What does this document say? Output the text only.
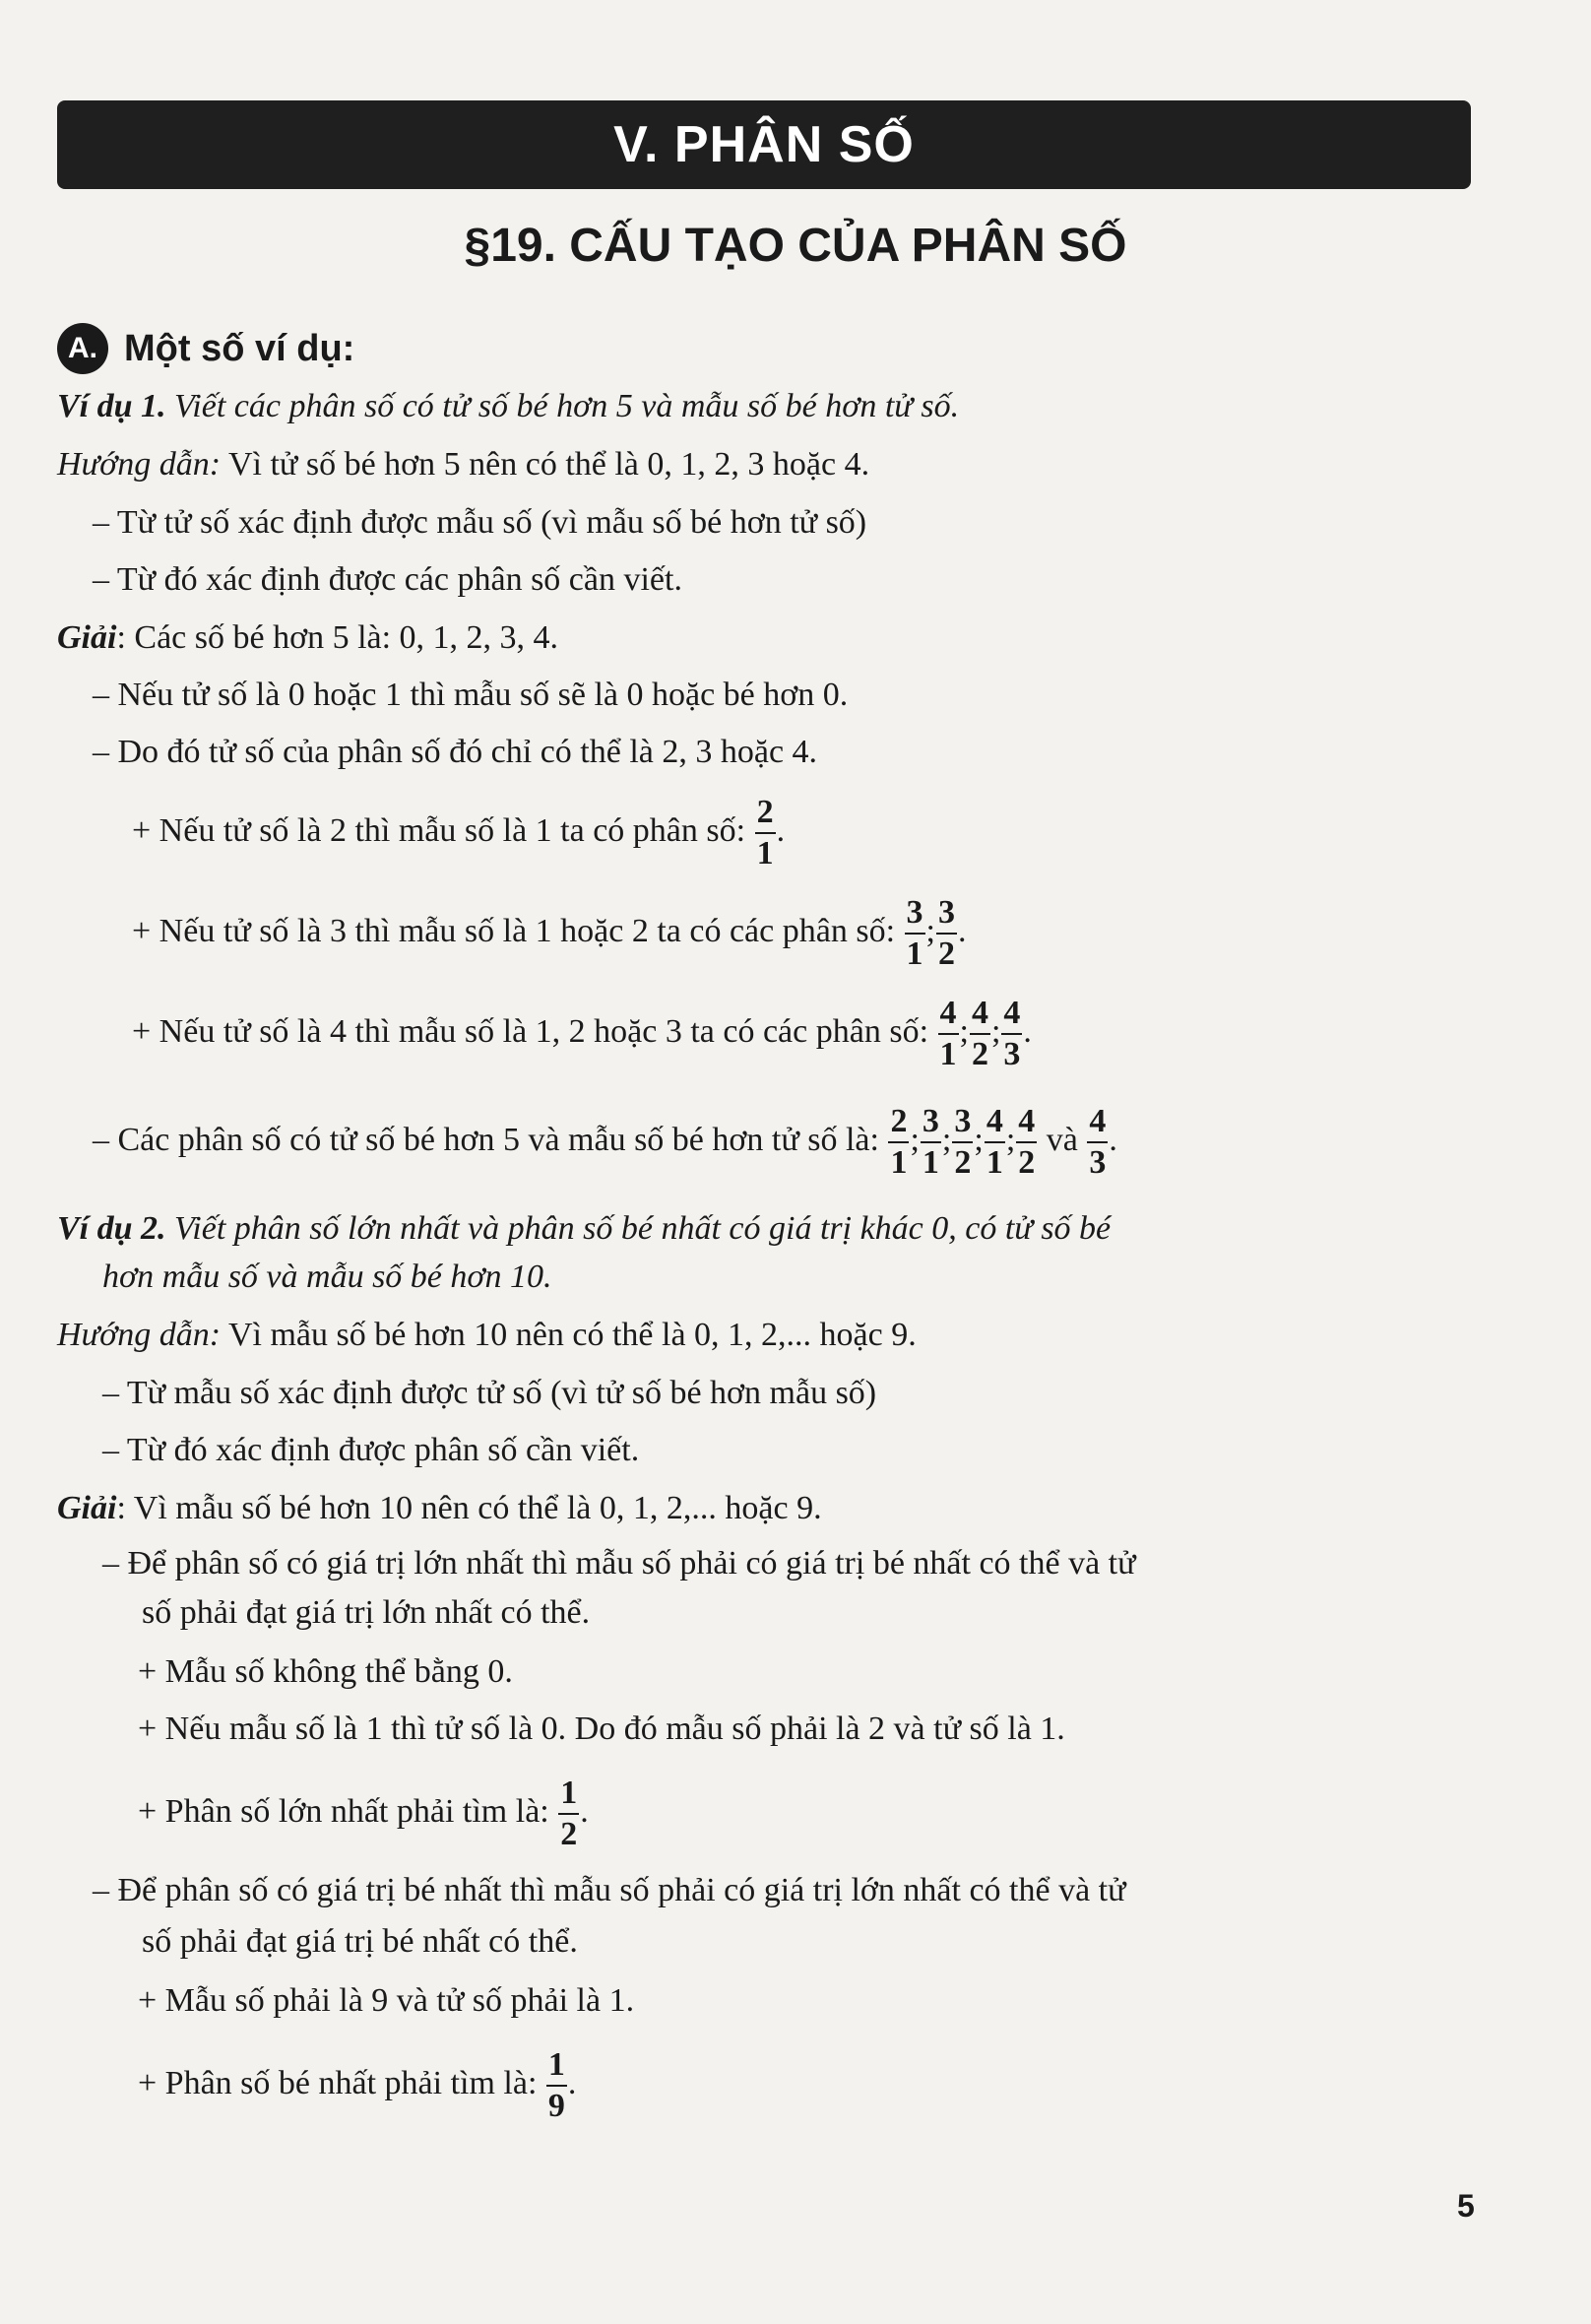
V. PHÂN SỐ
§19. CẤU TẠO CỦA PHÂN SỐ
A. Một số ví dụ:
Ví dụ 1. Viết các phân số có tử số bé hơn 5 và mẫu số bé hơn tử số.
Hướng dẫn: Vì tử số bé hơn 5 nên có thể là 0, 1, 2, 3 hoặc 4.
– Từ tử số xác định được mẫu số (vì mẫu số bé hơn tử số)
– Từ đó xác định được các phân số cần viết.
Giải: Các số bé hơn 5 là: 0, 1, 2, 3, 4.
– Nếu tử số là 0 hoặc 1 thì mẫu số sẽ là 0 hoặc bé hơn 0.
– Do đó tử số của phân số đó chỉ có thể là 2, 3 hoặc 4.
+ Nếu tử số là 2 thì mẫu số là 1 ta có phân số: $\frac{2}{1}$ .
+ Nếu tử số là 3 thì mẫu số là 1 hoặc 2 ta có các phân số: $\frac{3}{1}$ ; $\frac{3}{2}$ .
+ Nếu tử số là 4 thì mẫu số là 1, 2 hoặc 3 ta có các phân số: $\frac{4}{1}$ ; $\frac{4}{2}$ ; $\frac{4}{3}$ .
– Các phân số có tử số bé hơn 5 và mẫu số bé hơn tử số là: $\frac{2}{1}$ ; $\frac{3}{1}$ ; $\frac{3}{2}$ ; $\frac{4}{1}$ ; $\frac{4}{2}$ và $\frac{4}{3}$ .
Ví dụ 2. Viết phân số lớn nhất và phân số bé nhất có giá trị khác 0, có tử số bé
hơn mẫu số và mẫu số bé hơn 10.
Hướng dẫn: Vì mẫu số bé hơn 10 nên có thể là 0, 1, 2,... hoặc 9.
– Từ mẫu số xác định được tử số (vì tử số bé hơn mẫu số)
– Từ đó xác định được phân số cần viết.
Giải: Vì mẫu số bé hơn 10 nên có thể là 0, 1, 2,... hoặc 9.
– Để phân số có giá trị lớn nhất thì mẫu số phải có giá trị bé nhất có thể và tử
số phải đạt giá trị lớn nhất có thể.
+ Mẫu số không thể bằng 0.
+ Nếu mẫu số là 1 thì tử số là 0. Do đó mẫu số phải là 2 và tử số là 1.
+ Phân số lớn nhất phải tìm là: $\frac{1}{2}$ .
– Để phân số có giá trị bé nhất thì mẫu số phải có giá trị lớn nhất có thể và tử
số phải đạt giá trị bé nhất có thể.
+ Mẫu số phải là 9 và tử số phải là 1.
+ Phân số bé nhất phải tìm là: $\frac{1}{9}$ .
5
